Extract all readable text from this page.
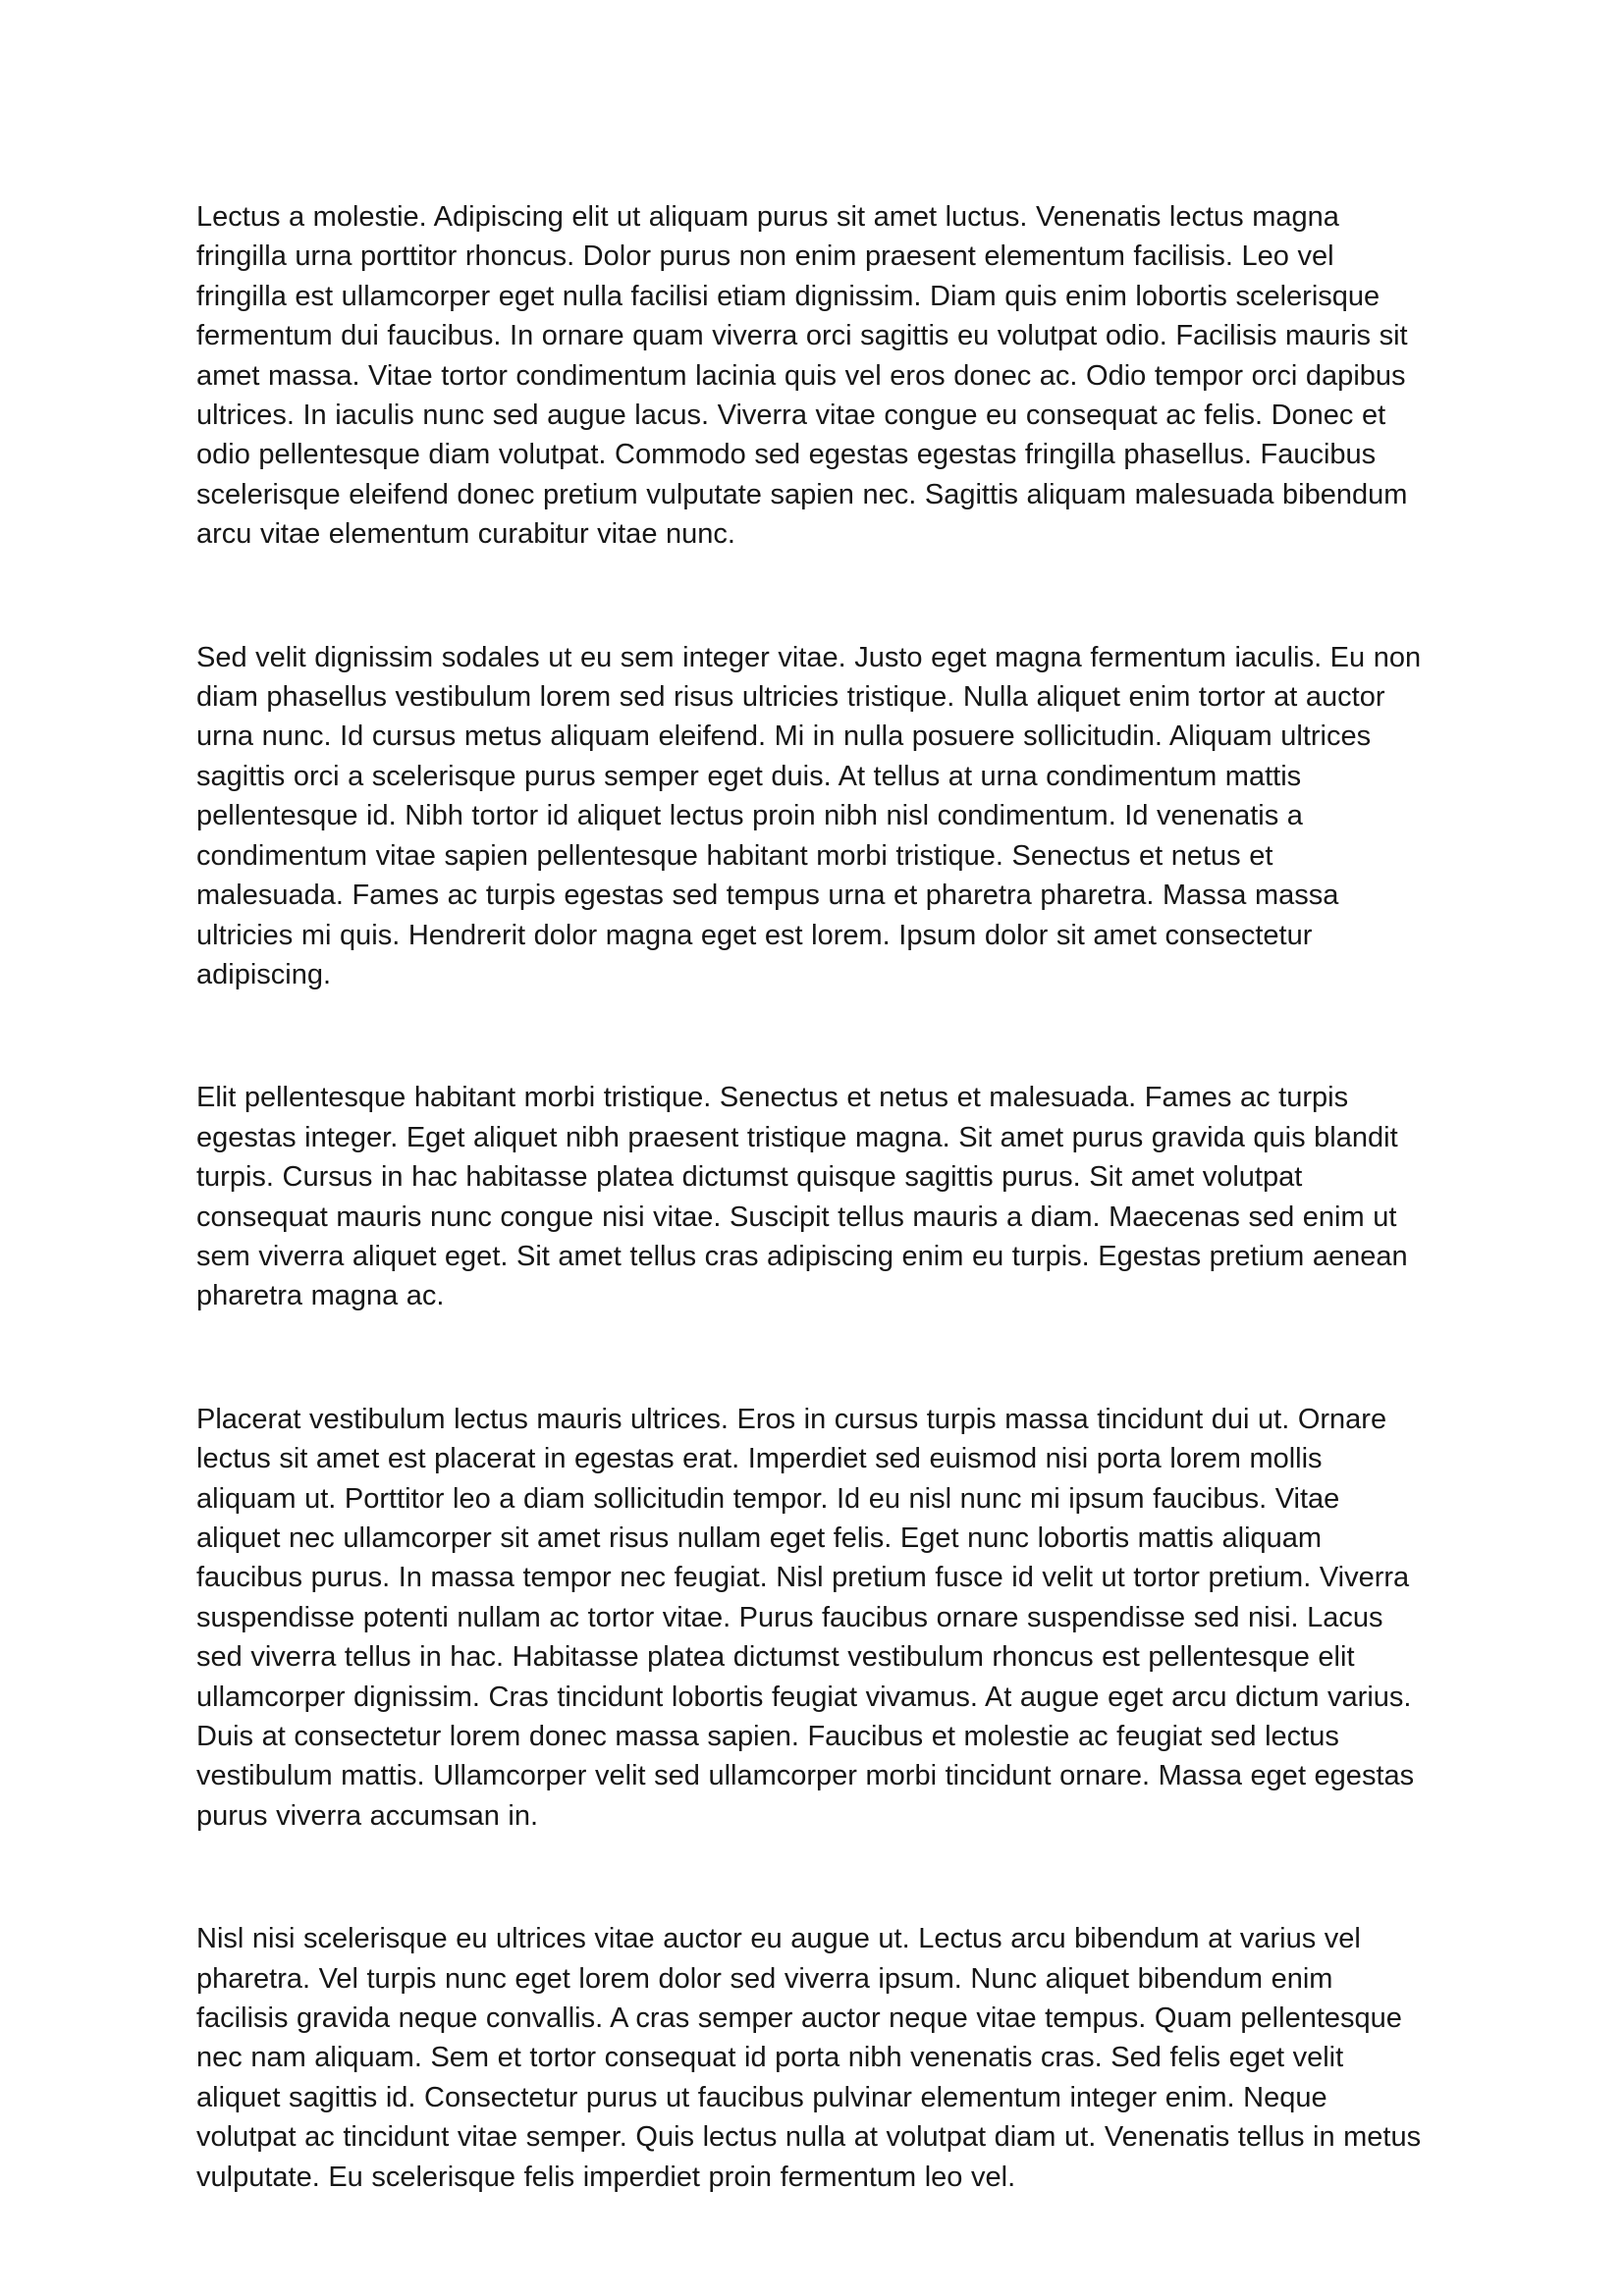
Lectus a molestie. Adipiscing elit ut aliquam purus sit amet luctus. Venenatis lectus magna fringilla urna porttitor rhoncus. Dolor purus non enim praesent elementum facilisis. Leo vel fringilla est ullamcorper eget nulla facilisi etiam dignissim. Diam quis enim lobortis scelerisque fermentum dui faucibus. In ornare quam viverra orci sagittis eu volutpat odio. Facilisis mauris sit amet massa. Vitae tortor condimentum lacinia quis vel eros donec ac. Odio tempor orci dapibus ultrices. In iaculis nunc sed augue lacus. Viverra vitae congue eu consequat ac felis. Donec et odio pellentesque diam volutpat. Commodo sed egestas egestas fringilla phasellus. Faucibus scelerisque eleifend donec pretium vulputate sapien nec. Sagittis aliquam malesuada bibendum arcu vitae elementum curabitur vitae nunc.

Sed velit dignissim sodales ut eu sem integer vitae. Justo eget magna fermentum iaculis. Eu non diam phasellus vestibulum lorem sed risus ultricies tristique. Nulla aliquet enim tortor at auctor urna nunc. Id cursus metus aliquam eleifend. Mi in nulla posuere sollicitudin. Aliquam ultrices sagittis orci a scelerisque purus semper eget duis. At tellus at urna condimentum mattis pellentesque id. Nibh tortor id aliquet lectus proin nibh nisl condimentum. Id venenatis a condimentum vitae sapien pellentesque habitant morbi tristique. Senectus et netus et malesuada. Fames ac turpis egestas sed tempus urna et pharetra pharetra. Massa massa ultricies mi quis. Hendrerit dolor magna eget est lorem. Ipsum dolor sit amet consectetur adipiscing.

Elit pellentesque habitant morbi tristique. Senectus et netus et malesuada. Fames ac turpis egestas integer. Eget aliquet nibh praesent tristique magna. Sit amet purus gravida quis blandit turpis. Cursus in hac habitasse platea dictumst quisque sagittis purus. Sit amet volutpat consequat mauris nunc congue nisi vitae. Suscipit tellus mauris a diam. Maecenas sed enim ut sem viverra aliquet eget. Sit amet tellus cras adipiscing enim eu turpis. Egestas pretium aenean pharetra magna ac.

Placerat vestibulum lectus mauris ultrices. Eros in cursus turpis massa tincidunt dui ut. Ornare lectus sit amet est placerat in egestas erat. Imperdiet sed euismod nisi porta lorem mollis aliquam ut. Porttitor leo a diam sollicitudin tempor. Id eu nisl nunc mi ipsum faucibus. Vitae aliquet nec ullamcorper sit amet risus nullam eget felis. Eget nunc lobortis mattis aliquam faucibus purus. In massa tempor nec feugiat. Nisl pretium fusce id velit ut tortor pretium. Viverra suspendisse potenti nullam ac tortor vitae. Purus faucibus ornare suspendisse sed nisi. Lacus sed viverra tellus in hac. Habitasse platea dictumst vestibulum rhoncus est pellentesque elit ullamcorper dignissim. Cras tincidunt lobortis feugiat vivamus. At augue eget arcu dictum varius. Duis at consectetur lorem donec massa sapien. Faucibus et molestie ac feugiat sed lectus vestibulum mattis. Ullamcorper velit sed ullamcorper morbi tincidunt ornare. Massa eget egestas purus viverra accumsan in.

Nisl nisi scelerisque eu ultrices vitae auctor eu augue ut. Lectus arcu bibendum at varius vel pharetra. Vel turpis nunc eget lorem dolor sed viverra ipsum. Nunc aliquet bibendum enim facilisis gravida neque convallis. A cras semper auctor neque vitae tempus. Quam pellentesque nec nam aliquam. Sem et tortor consequat id porta nibh venenatis cras. Sed felis eget velit aliquet sagittis id. Consectetur purus ut faucibus pulvinar elementum integer enim. Neque volutpat ac tincidunt vitae semper. Quis lectus nulla at volutpat diam ut. Venenatis tellus in metus vulputate. Eu scelerisque felis imperdiet proin fermentum leo vel.
